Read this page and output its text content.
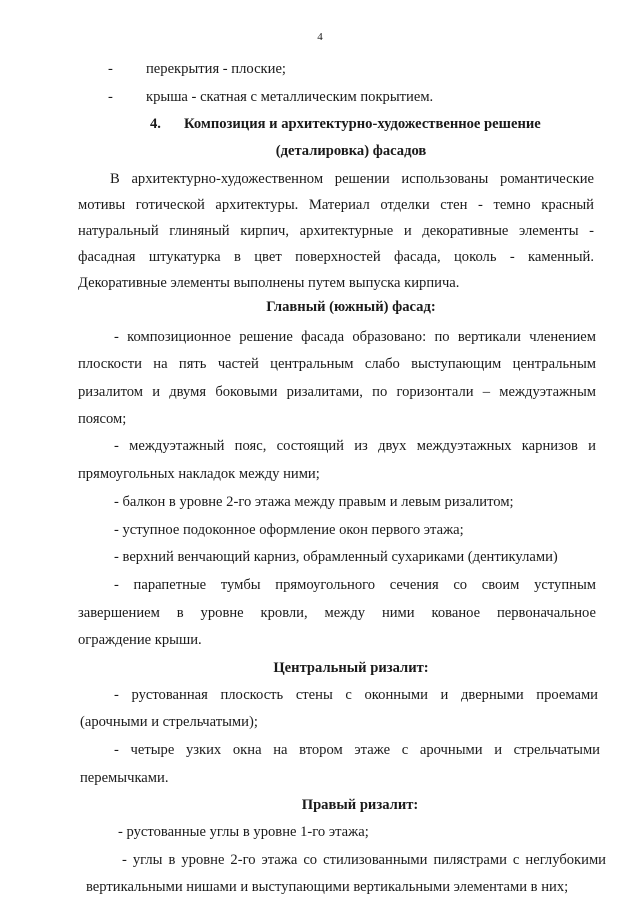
4
- перекрытия - плоские;
- крыша - скатная с металлическим покрытием.
4. Композиция и архитектурно-художественное решение
(деталировка) фасадов
В архитектурно-художественном решении использованы романтические
мотивы готической архитектуры. Материал отделки стен - темно красный
натуральный глиняный кирпич, архитектурные и декоративные элементы -
фасадная штукатурка в цвет поверхностей фасада, цоколь - каменный.
Декоративные элементы выполнены путем выпуска кирпича.
Главный (южный) фасад:
- композиционное решение фасада образовано: по вертикали членением
плоскости на пять частей центральным слабо выступающим центральным
ризалитом и двумя боковыми ризалитами, по горизонтали – междуэтажным
поясом;
- междуэтажный пояс, состоящий из двух междуэтажных карнизов и
прямоугольных накладок между ними;
- балкон в уровне 2-го этажа между правым и левым ризалитом;
- уступное подоконное оформление окон первого этажа;
- верхний венчающий карниз, обрамленный сухариками (дентикулами)
- парапетные тумбы прямоугольного сечения со своим уступным
завершением в уровне кровли, между ними кованое первоначальное
ограждение крыши.
Центральный ризалит:
- рустованная плоскость стены с оконными и дверными проемами
(арочными и стрельчатыми);
- четыре узких окна на втором этаже с арочными и стрельчатыми
перемычками.
Правый ризалит:
- рустованные углы в уровне 1-го этажа;
- углы в уровне 2-го этажа со стилизованными пилястрами с неглубокими
вертикальными нишами и выступающими вертикальными элементами в них;
